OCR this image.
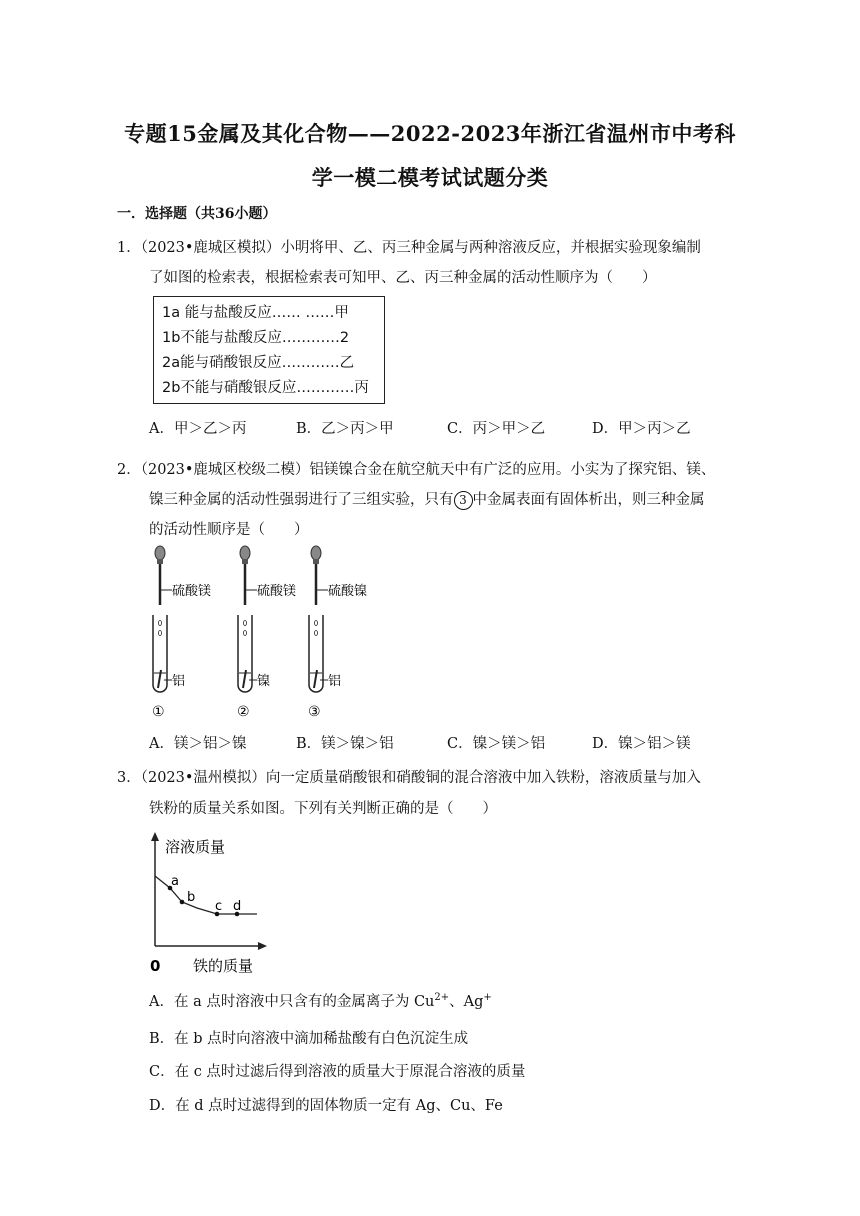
专题15金属及其化合物——2022-2023年浙江省温州市中考科
学一模二模考试试题分类
一．选择题（共36小题）
1．（2023•鹿城区模拟）小明将甲、乙、丙三种金属与两种溶液反应，并根据实验现象编制
了如图的检索表，根据检索表可知甲、乙、丙三种金属的活动性顺序为（　　）
1a 能与盐酸反应…… ……甲
1b不能与盐酸反应…………2
2a能与硝酸银反应…………乙
2b不能与硝酸银反应…………丙
A．甲＞乙＞丙	B．乙＞丙＞甲	C．丙＞甲＞乙	D．甲＞丙＞乙
2．（2023•鹿城区校级二模）铝镁镍合金在航空航天中有广泛的应用。小实为了探究铝、镁、
镍三种金属的活动性强弱进行了三组实验，只有 3 中金属表面有固体析出，则三种金属
的活动性顺序是（　　）
硫酸镁
铝
①
硫酸镁
镍
②
硫酸镍
铝
③
A．镁＞铝＞镍	B．镁＞镍＞铝	C．镍＞镁＞铝	D．镍＞铝＞镁
3．（2023•温州模拟）向一定质量硝酸银和硝酸铜的混合溶液中加入铁粉，溶液质量与加入
铁粉的质量关系如图。下列有关判断正确的是（　　）
溶液质量
0 铁的质量
a
b
c d
A．在 a 点时溶液中只含有的金属离子为 $Cu^{2+}$、Ag+
B．在 b 点时向溶液中滴加稀盐酸有白色沉淀生成
C．在 c 点时过滤后得到溶液的质量大于原混合溶液的质量
D．在 d 点时过滤得到的固体物质一定有 Ag、Cu、Fe
